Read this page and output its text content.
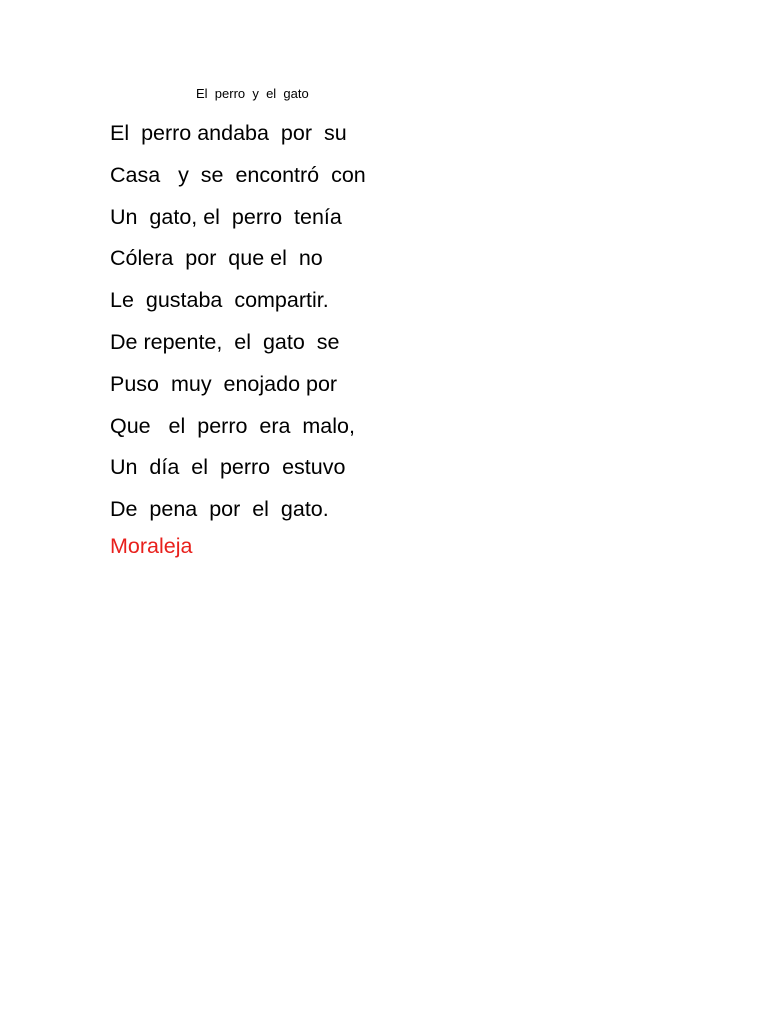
El  perro  y  el  gato
El  perro andaba  por  su
Casa   y  se  encontró  con
Un  gato, el  perro  tenía
Cólera  por  que el  no
Le  gustaba  compartir.
De repente,  el  gato  se
Puso  muy  enojado por
Que   el  perro  era  malo,
Un  día  el  perro  estuvo
De  pena  por  el  gato.
Moraleja
